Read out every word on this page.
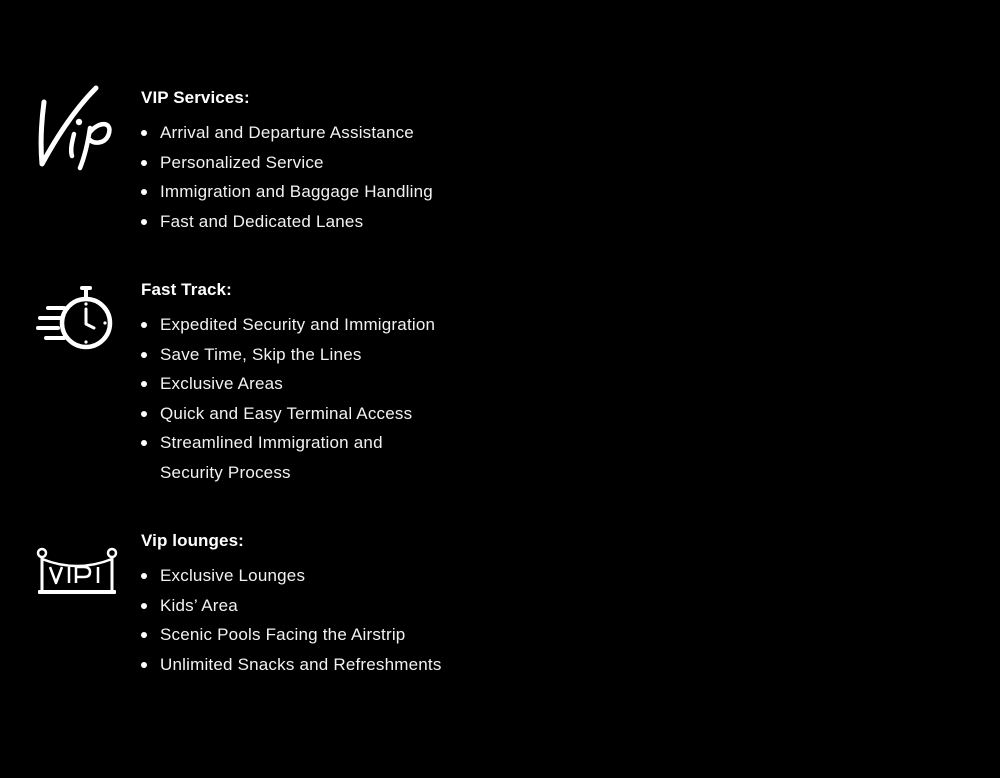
VIP Services:
Arrival and Departure Assistance
Personalized Service
Immigration and Baggage Handling
Fast and Dedicated Lanes
Fast Track:
Expedited Security and Immigration
Save Time, Skip the Lines
Exclusive Areas
Quick and Easy Terminal Access
Streamlined Immigration and Security Process
Vip lounges:
Exclusive Lounges
Kids’ Area
Scenic Pools Facing the Airstrip
Unlimited Snacks and Refreshments
